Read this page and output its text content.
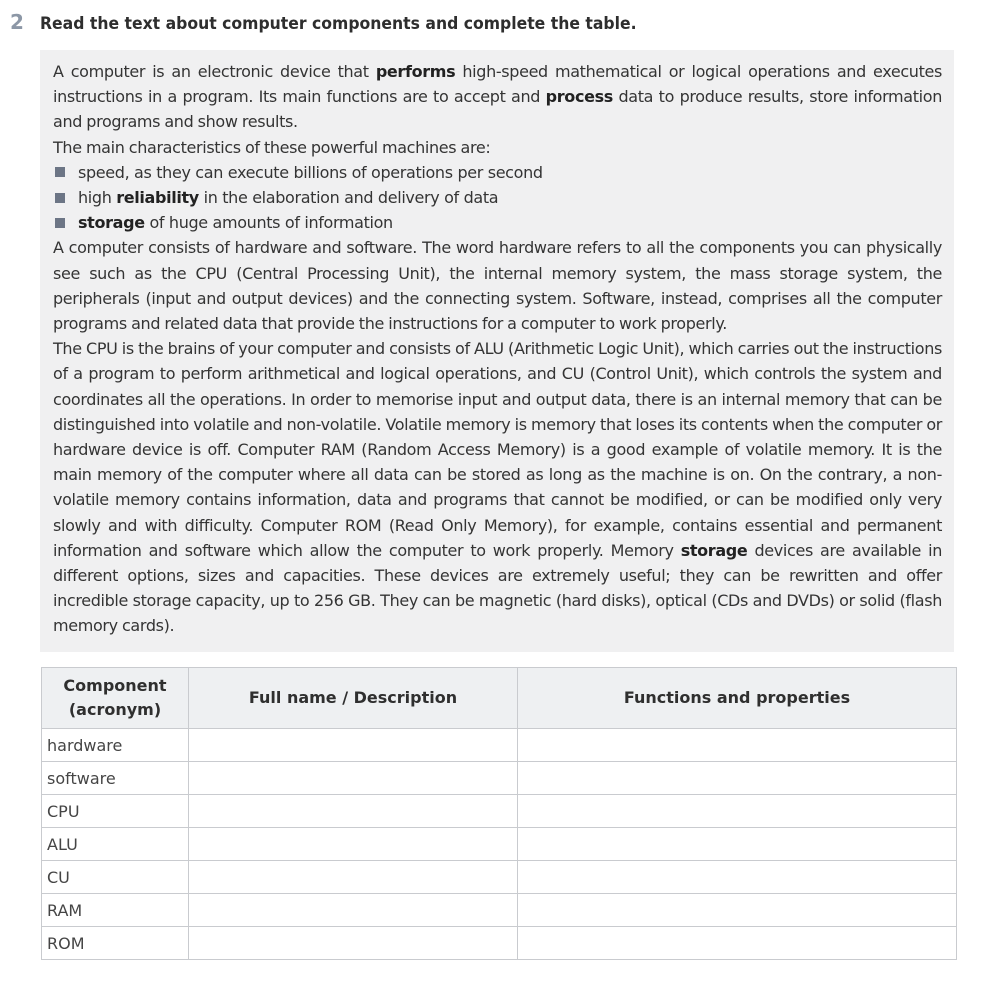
2 Read the text about computer components and complete the table.

A computer is an electronic device that performs high-speed mathematical or logical operations and executes instructions in a program. Its main functions are to accept and process data to produce results, store information and programs and show results.

The main characteristics of these powerful machines are:

speed, as they can execute billions of operations per second
high reliability in the elaboration and delivery of data
storage of huge amounts of information

A computer consists of hardware and software. The word hardware refers to all the components you can physically see such as the CPU (Central Processing Unit), the internal memory system, the mass storage system, the peripherals (input and output devices) and the connecting system. Software, instead, comprises all the computer programs and related data that provide the instructions for a computer to work properly.

The CPU is the brains of your computer and consists of ALU (Arithmetic Logic Unit), which carries out the instructions of a program to perform arithmetical and logical operations, and CU (Control Unit), which controls the system and coordinates all the operations. In order to memorise input and output data, there is an internal memory that can be distinguished into volatile and non-volatile. Volatile memory is memory that loses its contents when the computer or hardware device is off. Computer RAM (Random Access Memory) is a good example of volatile memory. It is the main memory of the computer where all data can be stored as long as the machine is on. On the contrary, a non-volatile memory contains information, data and programs that cannot be modified, or can be modified only very slowly and with difficulty. Computer ROM (Read Only Memory), for example, contains essential and permanent information and software which allow the computer to work properly. Memory storage devices are available in different options, sizes and capacities. These devices are extremely useful; they can be rewritten and offer incredible storage capacity, up to 256 GB. They can be magnetic (hard disks), optical (CDs and DVDs) or solid (flash memory cards).

Component
(acronym)	Full name / Description	Functions and properties
hardware		
software		
CPU		
ALU		
CU		
RAM		
ROM		
